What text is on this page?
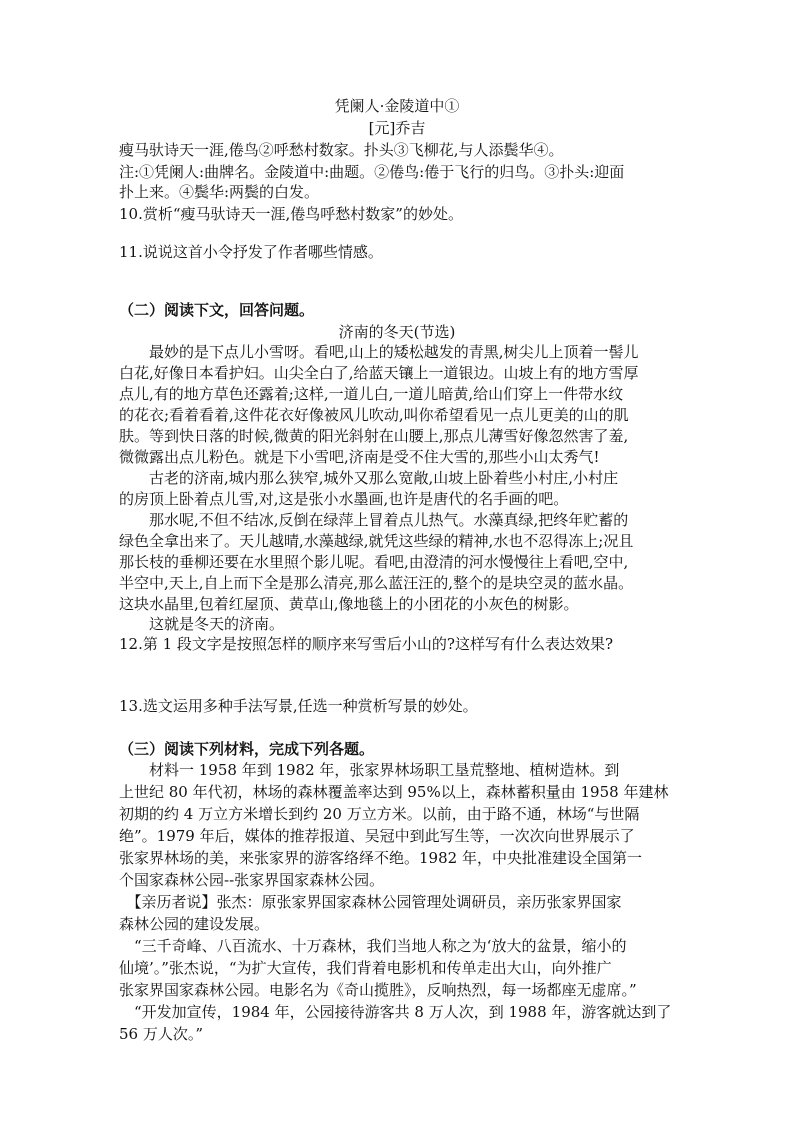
凭阑人·金陵道中①
[元]乔吉
瘦马驮诗天一涯,倦鸟②呼愁村数家。扑头③飞柳花,与人添鬓华④。
注:①凭阑人:曲牌名。金陵道中:曲题。②倦鸟:倦于飞行的归鸟。③扑头:迎面
扑上来。④鬓华:两鬓的白发。
10.赏析“瘦马驮诗天一涯,倦鸟呼愁村数家”的妙处。
11.说说这首小令抒发了作者哪些情感。
（二）阅读下文，回答问题。
济南的冬天(节选)
　　最妙的是下点儿小雪呀。看吧,山上的矮松越发的青黑,树尖儿上顶着一髻儿
白花,好像日本看护妇。山尖全白了,给蓝天镶上一道银边。山坡上有的地方雪厚
点儿,有的地方草色还露着;这样,一道儿白,一道儿暗黄,给山们穿上一件带水纹
的花衣;看着看着,这件花衣好像被风儿吹动,叫你希望看见一点儿更美的山的肌
肤。等到快日落的时候,微黄的阳光斜射在山腰上,那点儿薄雪好像忽然害了羞,
微微露出点儿粉色。就是下小雪吧,济南是受不住大雪的,那些小山太秀气!
　　古老的济南,城内那么狭窄,城外又那么宽敞,山坡上卧着些小村庄,小村庄
的房顶上卧着点儿雪,对,这是张小水墨画,也许是唐代的名手画的吧。
　　那水呢,不但不结冰,反倒在绿萍上冒着点儿热气。水藻真绿,把终年贮蓄的
绿色全拿出来了。天儿越晴,水藻越绿,就凭这些绿的精神,水也不忍得冻上;况且
那长枝的垂柳还要在水里照个影儿呢。看吧,由澄清的河水慢慢往上看吧,空中,
半空中,天上,自上而下全是那么清亮,那么蓝汪汪的,整个的是块空灵的蓝水晶。
这块水晶里,包着红屋顶、黄草山,像地毯上的小团花的小灰色的树影。
　　这就是冬天的济南。
12.第 1 段文字是按照怎样的顺序来写雪后小山的?这样写有什么表达效果?
13.选文运用多种手法写景,任选一种赏析写景的妙处。
（三）阅读下列材料，完成下列各题。
　　材料一 1958 年到 1982 年，张家界林场职工垦荒整地、植树造林。到
上世纪 80 年代初，林场的森林覆盖率达到 95%以上，森林蓄积量由 1958 年建林
初期的约 4 万立方米增长到约 20 万立方米。以前，由于路不通，林场“与世隔
绝”。1979 年后，媒体的推荐报道、吴冠中到此写生等，一次次向世界展示了
张家界林场的美，来张家界的游客络绎不绝。1982 年，中央批准建设全国第一
个国家森林公园--张家界国家森林公园。
　【亲历者说】张杰：原张家界国家森林公园管理处调研员，亲历张家界国家
森林公园的建设发展。
　“三千奇峰、八百流水、十万森林，我们当地人称之为‘放大的盆景，缩小的
仙境’。”张杰说，“为扩大宣传，我们背着电影机和传单走出大山，向外推广
张家界国家森林公园。电影名为《奇山揽胜》，反响热烈，每一场都座无虚席。”
　“开发加宣传，1984 年，公园接待游客共 8 万人次，到 1988 年，游客就达到了
56 万人次。”
